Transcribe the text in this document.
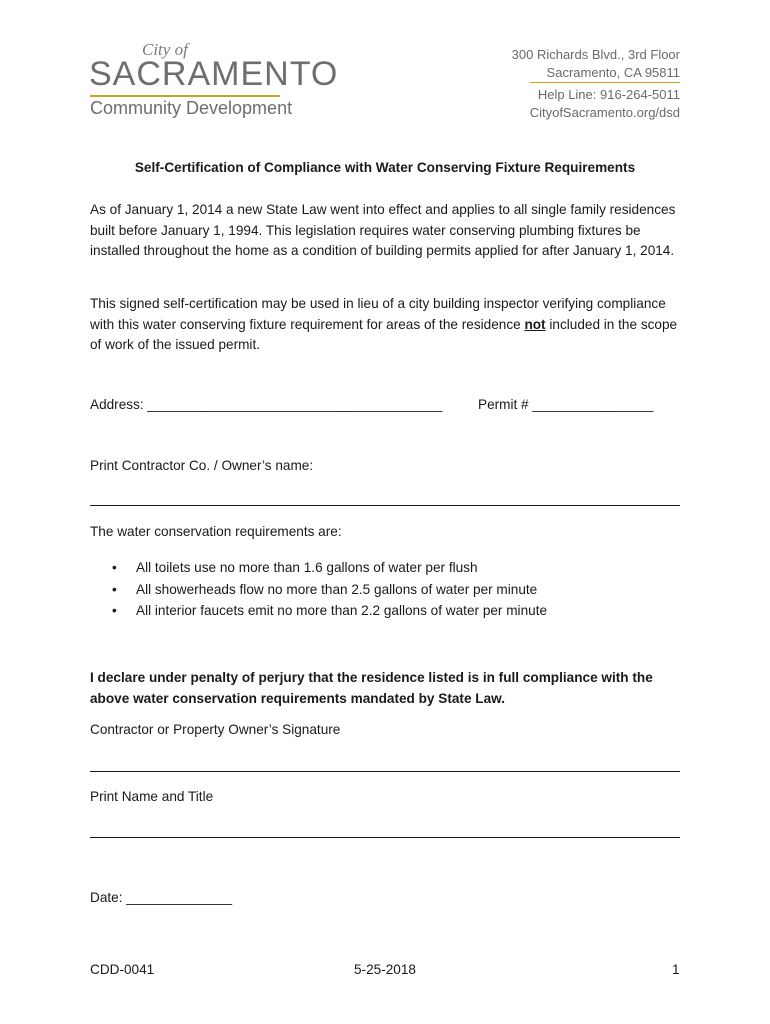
City of
SACRAMENTO
Community Development
300 Richards Blvd., 3rd Floor
Sacramento, CA 95811
Help Line: 916-264-5011
CityofSacramento.org/dsd
Self-Certification of Compliance with Water Conserving Fixture Requirements
As of January 1, 2014 a new State Law went into effect and applies to all single family residences built before January 1, 1994. This legislation requires water conserving plumbing fixtures be installed throughout the home as a condition of building permits applied for after January 1, 2014.
This signed self-certification may be used in lieu of a city building inspector verifying compliance with this water conserving fixture requirement for areas of the residence not included in the scope of work of the issued permit.
Address: _______________________________________	Permit # ________________
Print Contractor Co. / Owner’s name:
The water conservation requirements are:
• All toilets use no more than 1.6 gallons of water per flush
• All showerheads flow no more than 2.5 gallons of water per minute
• All interior faucets emit no more than 2.2 gallons of water per minute
I declare under penalty of perjury that the residence listed is in full compliance with the above water conservation requirements mandated by State Law.
Contractor or Property Owner’s Signature
Print Name and Title
Date: ______________
CDD-0041	5-25-2018	1
